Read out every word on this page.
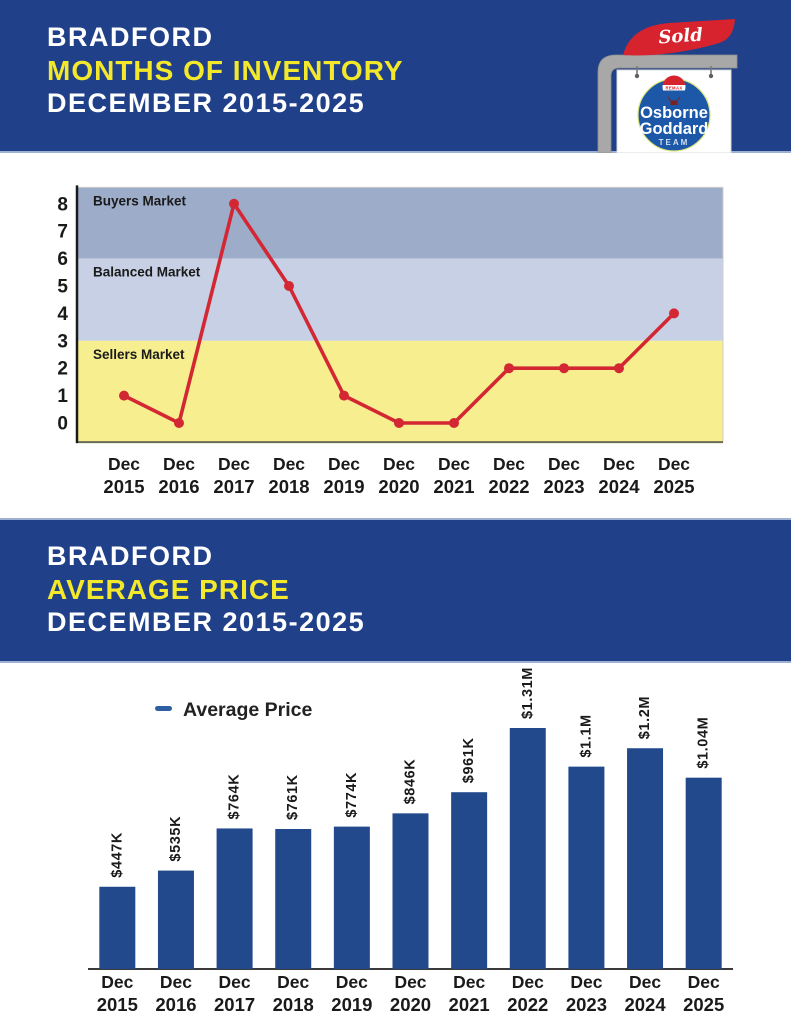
BRADFORD
MONTHS OF INVENTORY
DECEMBER 2015-2025
Sold
REMAX
Osborne
Goddard
TEAM
Buyers Market
Balanced Market
Sellers Market
8
7
6
5
4
3
2
1
0
Dec
2015
Dec
2016
Dec
2017
Dec
2018
Dec
2019
Dec
2020
Dec
2021
Dec
2022
Dec
2023
Dec
2024
Dec
2025
BRADFORD
AVERAGE PRICE
DECEMBER 2015-2025
Average Price
$447K
Dec
2015
$535K
Dec
2016
$764K
Dec
2017
$761K
Dec
2018
$774K
Dec
2019
$846K
Dec
2020
$961K
Dec
2021
$1.31M
Dec
2022
$1.1M
Dec
2023
$1.2M
Dec
2024
$1.04M
Dec
2025
